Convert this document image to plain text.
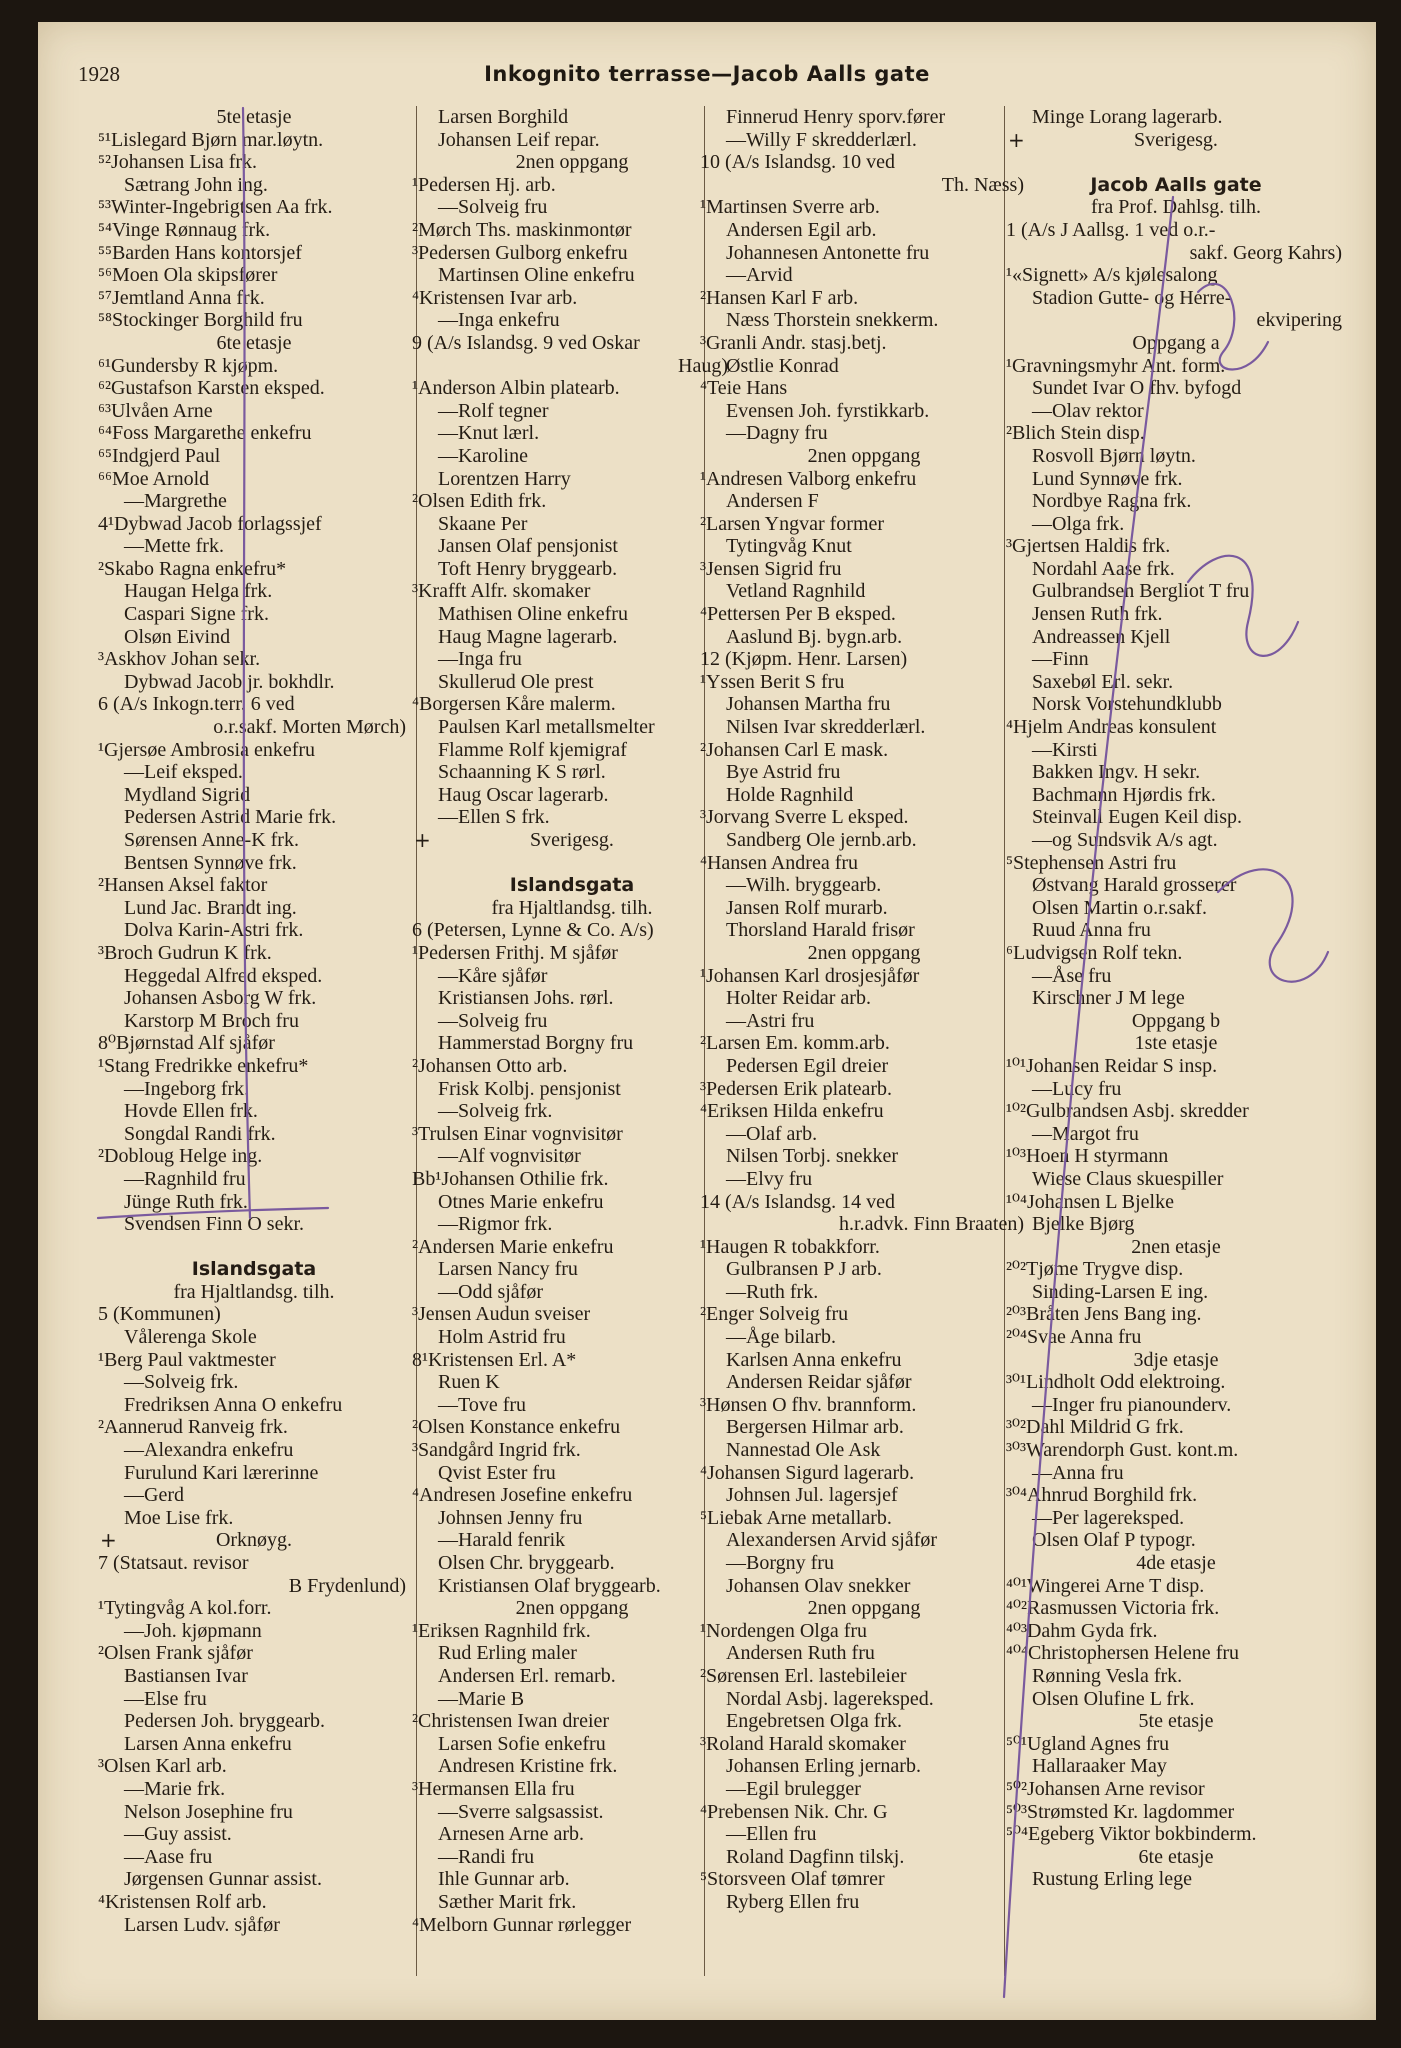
1928	Inkognito terrasse—Jacob Aalls gate
5te etasje
⁵¹Lislegard Bjørn mar.løytn.
⁵²Johansen Lisa frk.
Sætrang John ing.
⁵³Winter-Ingebrigtsen Aa frk.
⁵⁴Vinge Rønnaug frk.
⁵⁵Barden Hans kontorsjef
⁵⁶Moen Ola skipsfører
⁵⁷Jemtland Anna frk.
⁵⁸Stockinger Borghild fru
6te etasje
⁶¹Gundersby R kjøpm.
⁶²Gustafson Karsten eksped.
⁶³Ulvåen Arne
⁶⁴Foss Margarethe enkefru
⁶⁵Indgjerd Paul
⁶⁶Moe Arnold
—Margrethe
4¹Dybwad Jacob forlagssjef
—Mette frk.
²Skabo Ragna enkefru*
Haugan Helga frk.
Caspari Signe frk.
Olsøn Eivind
³Askhov Johan sekr.
Dybwad Jacob jr. bokhdlr.
6 (A/s Inkogn.terr. 6 ved
o.r.sakf. Morten Mørch)
¹Gjersøe Ambrosia enkefru
—Leif eksped.
Mydland Sigrid
Pedersen Astrid Marie frk.
Sørensen Anne-K frk.
Bentsen Synnøve frk.
²Hansen Aksel faktor
Lund Jac. Brandt ing.
Dolva Karin-Astri frk.
³Broch Gudrun K frk.
Heggedal Alfred eksped.
Johansen Asborg W frk.
Karstorp M Broch fru
8⁰Bjørnstad Alf sjåfør
¹Stang Fredrikke enkefru*
—Ingeborg frk.
Hovde Ellen frk.
Songdal Randi frk.
²Dobloug Helge ing.
—Ragnhild fru
Jünge Ruth frk.
Svendsen Finn O sekr.
Islandsgata
fra Hjaltlandsg. tilh.
5 (Kommunen)
Vålerenga Skole
¹Berg Paul vaktmester
—Solveig frk.
Fredriksen Anna O enkefru
²Aannerud Ranveig frk.
—Alexandra enkefru
Furulund Kari lærerinne
—Gerd
Moe Lise frk.
+	Orknøyg.
7 (Statsaut. revisor
B Frydenlund)
¹Tytingvåg A kol.forr.
—Joh. kjøpmann
²Olsen Frank sjåfør
Bastiansen Ivar
—Else fru
Pedersen Joh. bryggearb.
Larsen Anna enkefru
³Olsen Karl arb.
—Marie frk.
Nelson Josephine fru
—Guy assist.
—Aase fru
Jørgensen Gunnar assist.
⁴Kristensen Rolf arb.
Larsen Ludv. sjåfør
Larsen Borghild
Johansen Leif repar.
2nen oppgang
¹Pedersen Hj. arb.
—Solveig fru
²Mørch Ths. maskinmontør
³Pedersen Gulborg enkefru
Martinsen Oline enkefru
⁴Kristensen Ivar arb.
—Inga enkefru
9 (A/s Islandsg. 9 ved Oskar
Haug)
¹Anderson Albin platearb.
—Rolf tegner
—Knut lærl.
—Karoline
Lorentzen Harry
²Olsen Edith frk.
Skaane Per
Jansen Olaf pensjonist
Toft Henry bryggearb.
³Krafft Alfr. skomaker
Mathisen Oline enkefru
Haug Magne lagerarb.
—Inga fru
Skullerud Ole prest
⁴Borgersen Kåre malerm.
Paulsen Karl metallsmelter
Flamme Rolf kjemigraf
Schaanning K S rørl.
Haug Oscar lagerarb.
—Ellen S frk.
+	Sverigesg.
Islandsgata
fra Hjaltlandsg. tilh.
6 (Petersen, Lynne & Co. A/s)
¹Pedersen Frithj. M sjåfør
—Kåre sjåfør
Kristiansen Johs. rørl.
—Solveig fru
Hammerstad Borgny fru
²Johansen Otto arb.
Frisk Kolbj. pensjonist
—Solveig frk.
³Trulsen Einar vognvisitør
—Alf vognvisitør
Bb¹Johansen Othilie frk.
Otnes Marie enkefru
—Rigmor frk.
²Andersen Marie enkefru
Larsen Nancy fru
—Odd sjåfør
³Jensen Audun sveiser
Holm Astrid fru
8¹Kristensen Erl. A*
Ruen K
—Tove fru
²Olsen Konstance enkefru
³Sandgård Ingrid frk.
Qvist Ester fru
⁴Andresen Josefine enkefru
Johnsen Jenny fru
—Harald fenrik
Olsen Chr. bryggearb.
Kristiansen Olaf bryggearb.
2nen oppgang
¹Eriksen Ragnhild frk.
Rud Erling maler
Andersen Erl. remarb.
—Marie B
²Christensen Iwan dreier
Larsen Sofie enkefru
Andresen Kristine frk.
³Hermansen Ella fru
—Sverre salgsassist.
Arnesen Arne arb.
—Randi fru
Ihle Gunnar arb.
Sæther Marit frk.
⁴Melborn Gunnar rørlegger
Finnerud Henry sporv.fører
—Willy F skredderlærl.
10 (A/s Islandsg. 10 ved
Th. Næss)
¹Martinsen Sverre arb.
Andersen Egil arb.
Johannesen Antonette fru
—Arvid
²Hansen Karl F arb.
Næss Thorstein snekkerm.
³Granli Andr. stasj.betj.
Østlie Konrad
⁴Teie Hans
Evensen Joh. fyrstikkarb.
—Dagny fru
2nen oppgang
¹Andresen Valborg enkefru
Andersen F
²Larsen Yngvar former
Tytingvåg Knut
³Jensen Sigrid fru
Vetland Ragnhild
⁴Pettersen Per B eksped.
Aaslund Bj. bygn.arb.
12 (Kjøpm. Henr. Larsen)
¹Yssen Berit S fru
Johansen Martha fru
Nilsen Ivar skredderlærl.
²Johansen Carl E mask.
Bye Astrid fru
Holde Ragnhild
³Jorvang Sverre L eksped.
Sandberg Ole jernb.arb.
⁴Hansen Andrea fru
—Wilh. bryggearb.
Jansen Rolf murarb.
Thorsland Harald frisør
2nen oppgang
¹Johansen Karl drosjesjåfør
Holter Reidar arb.
—Astri fru
²Larsen Em. komm.arb.
Pedersen Egil dreier
³Pedersen Erik platearb.
⁴Eriksen Hilda enkefru
—Olaf arb.
Nilsen Torbj. snekker
—Elvy fru
14 (A/s Islandsg. 14 ved
h.r.advk. Finn Braaten)
¹Haugen R tobakkforr.
Gulbransen P J arb.
—Ruth frk.
²Enger Solveig fru
—Åge bilarb.
Karlsen Anna enkefru
Andersen Reidar sjåfør
³Hønsen O fhv. brannform.
Bergersen Hilmar arb.
Nannestad Ole Ask
⁴Johansen Sigurd lagerarb.
Johnsen Jul. lagersjef
⁵Liebak Arne metallarb.
Alexandersen Arvid sjåfør
—Borgny fru
Johansen Olav snekker
2nen oppgang
¹Nordengen Olga fru
Andersen Ruth fru
²Sørensen Erl. lastebileier
Nordal Asbj. lagereksped.
Engebretsen Olga frk.
³Roland Harald skomaker
Johansen Erling jernarb.
—Egil brulegger
⁴Prebensen Nik. Chr. G
—Ellen fru
Roland Dagfinn tilskj.
⁵Storsveen Olaf tømrer
Ryberg Ellen fru
Minge Lorang lagerarb.
+	Sverigesg.
Jacob Aalls gate
fra Prof. Dahlsg. tilh.
1 (A/s J Aallsg. 1 ved o.r.-
sakf. Georg Kahrs)
¹«Signett» A/s kjølesalong
Stadion Gutte- og Herre-
ekvipering
Oppgang a
¹Gravningsmyhr Ant. form.
Sundet Ivar O fhv. byfogd
—Olav rektor
²Blich Stein disp.
Rosvoll Bjørn løytn.
Lund Synnøve frk.
Nordbye Ragna frk.
—Olga frk.
³Gjertsen Haldis frk.
Nordahl Aase frk.
Gulbrandsen Bergliot T fru
Jensen Ruth frk.
Andreassen Kjell
—Finn
Saxebøl Erl. sekr.
Norsk Vorstehundklubb
⁴Hjelm Andreas konsulent
—Kirsti
Bakken Ingv. H sekr.
Bachmann Hjørdis frk.
Steinvall Eugen Keil disp.
—og Sundsvik A/s agt.
⁵Stephensen Astri fru
Østvang Harald grosserer
Olsen Martin o.r.sakf.
Ruud Anna fru
⁶Ludvigsen Rolf tekn.
—Åse fru
Kirschner J M lege
Oppgang b
1ste etasje
¹⁰¹Johansen Reidar S insp.
—Lucy fru
¹⁰²Gulbrandsen Asbj. skredder
—Margot fru
¹⁰³Hoen H styrmann
Wiese Claus skuespiller
¹⁰⁴Johansen L Bjelke
Bjelke Bjørg
2nen etasje
²⁰²Tjøme Trygve disp.
Sinding-Larsen E ing.
²⁰³Bråten Jens Bang ing.
²⁰⁴Svae Anna fru
3dje etasje
³⁰¹Lindholt Odd elektroing.
—Inger fru pianounderv.
³⁰²Dahl Mildrid G frk.
³⁰³Warendorph Gust. kont.m.
—Anna fru
³⁰⁴Ahnrud Borghild frk.
—Per lagereksped.
Olsen Olaf P typogr.
4de etasje
⁴⁰¹Wingerei Arne T disp.
⁴⁰²Rasmussen Victoria frk.
⁴⁰³Dahm Gyda frk.
⁴⁰⁴Christophersen Helene fru
Rønning Vesla frk.
Olsen Olufine L frk.
5te etasje
⁵⁰¹Ugland Agnes fru
Hallaraaker May
⁵⁰²Johansen Arne revisor
⁵⁰³Strømsted Kr. lagdommer
⁵⁰⁴Egeberg Viktor bokbinderm.
6te etasje
Rustung Erling lege
